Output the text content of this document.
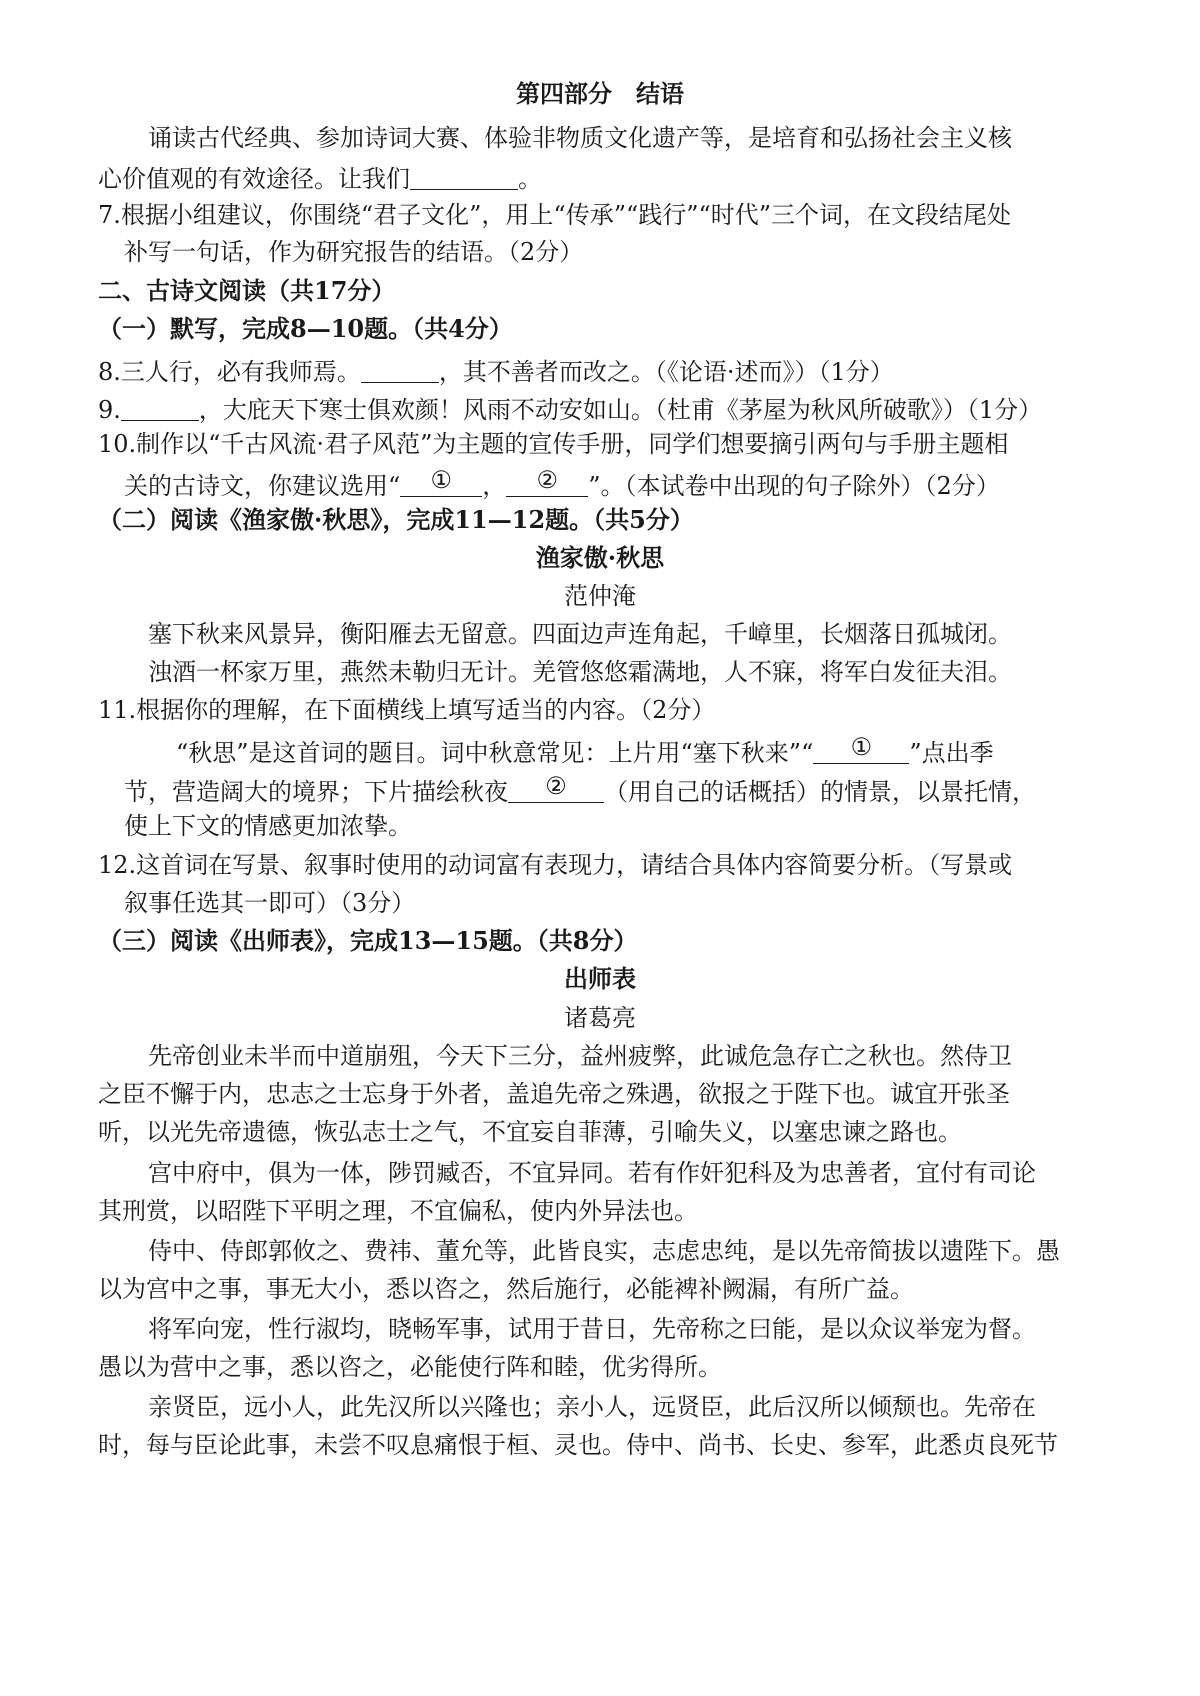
第四部分　结语
诵读古代经典、参加诗词大赛、体验非物质文化遗产等，是培育和弘扬社会主义核
心价值观的有效途径。让我们	。
7.根据小组建议，你围绕“君子文化”，用上“传承”“践行”“时代”三个词，在文段结尾处
补写一句话，作为研究报告的结语。（2分）
二、古诗文阅读（共17分）
（一）默写，完成8—10题。（共4分）
8.三人行，必有我师焉。	，其不善者而改之。（《论语·述而》）（1分）
9.	，大庇天下寒士俱欢颜！风雨不动安如山。（杜甫《茅屋为秋风所破歌》）（1分）
10.制作以“千古风流·君子风范”为主题的宣传手册，同学们想要摘引两句与手册主题相
关的古诗文，你建议选用“	①	，	②	”。（本试卷中出现的句子除外）（2分）
（二）阅读《渔家傲·秋思》，完成11—12题。（共5分）
渔家傲·秋思
范仲淹
塞下秋来风景异，衡阳雁去无留意。四面边声连角起，千嶂里，长烟落日孤城闭。
浊酒一杯家万里，燕然未勒归无计。羌管悠悠霜满地，人不寐，将军白发征夫泪。
11.根据你的理解，在下面横线上填写适当的内容。（2分）
“秋思”是这首词的题目。词中秋意常见：上片用“塞下秋来”“	①	”点出季
节，营造阔大的境界；下片描绘秋夜	②	（用自己的话概括）的情景，以景托情，
使上下文的情感更加浓挚。
12.这首词在写景、叙事时使用的动词富有表现力，请结合具体内容简要分析。（写景或
叙事任选其一即可）（3分）
（三）阅读《出师表》，完成13—15题。（共8分）
出师表
诸葛亮
先帝创业未半而中道崩殂，今天下三分，益州疲弊，此诚危急存亡之秋也。然侍卫
之臣不懈于内，忠志之士忘身于外者，盖追先帝之殊遇，欲报之于陛下也。诚宜开张圣
听，以光先帝遗德，恢弘志士之气，不宜妄自菲薄，引喻失义，以塞忠谏之路也。
宫中府中，俱为一体，陟罚臧否，不宜异同。若有作奸犯科及为忠善者，宜付有司论
其刑赏，以昭陛下平明之理，不宜偏私，使内外异法也。
侍中、侍郎郭攸之、费祎、董允等，此皆良实，志虑忠纯，是以先帝简拔以遗陛下。愚
以为宫中之事，事无大小，悉以咨之，然后施行，必能裨补阙漏，有所广益。
将军向宠，性行淑均，晓畅军事，试用于昔日，先帝称之曰能，是以众议举宠为督。
愚以为营中之事，悉以咨之，必能使行阵和睦，优劣得所。
亲贤臣，远小人，此先汉所以兴隆也；亲小人，远贤臣，此后汉所以倾颓也。先帝在
时，每与臣论此事，未尝不叹息痛恨于桓、灵也。侍中、尚书、长史、参军，此悉贞良死节
